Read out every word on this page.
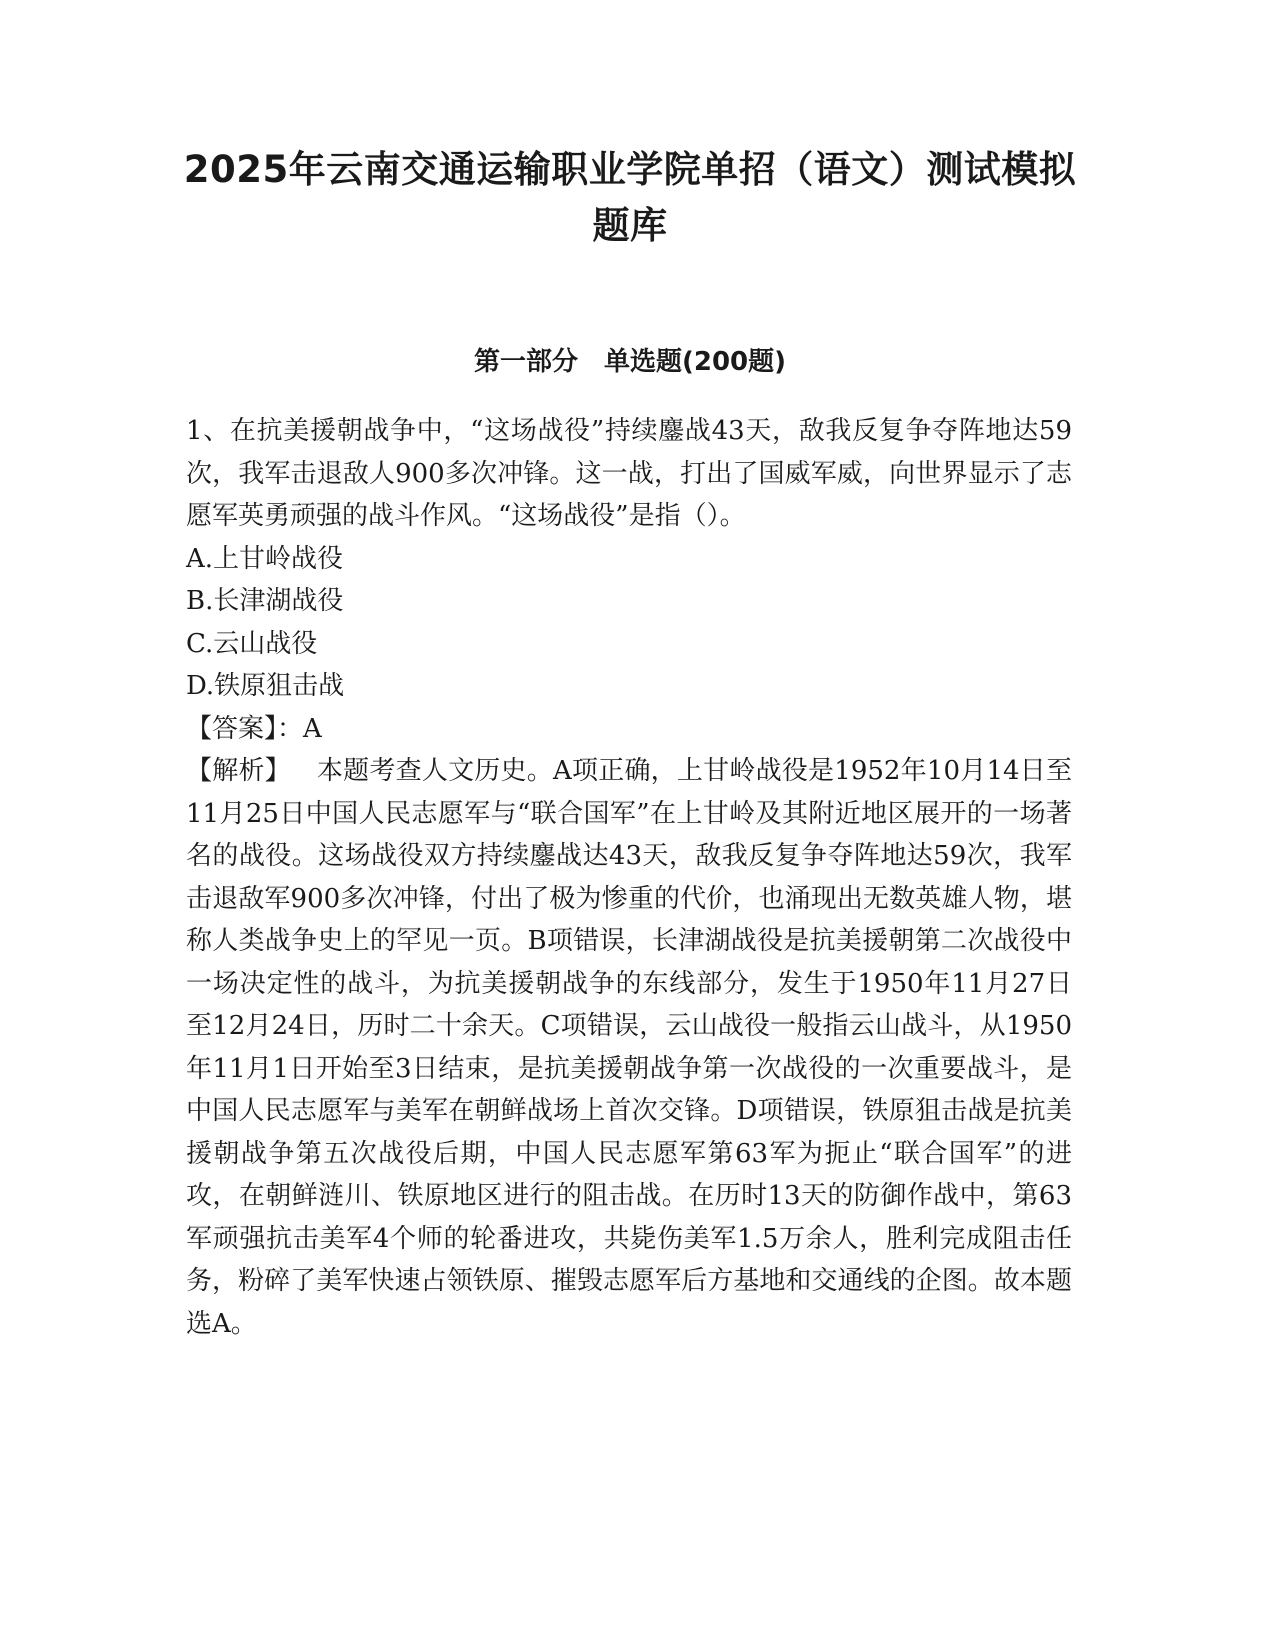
2025年云南交通运输职业学院单招（语文）测试模拟题库
第一部分　单选题(200题)

1、在抗美援朝战争中，“这场战役”持续鏖战43天，敌我反复争夺阵地达59次，我军击退敌人900多次冲锋。这一战，打出了国威军威，向世界显示了志愿军英勇顽强的战斗作风。“这场战役”是指（）。

A.上甘岭战役
B.长津湖战役
C.云山战役
D.铁原狙击战

【答案】：A

【解析】 本题考查人文历史。A项正确，上甘岭战役是1952年10月14日至11月25日中国人民志愿军与“联合国军”在上甘岭及其附近地区展开的一场著名的战役。这场战役双方持续鏖战达43天，敌我反复争夺阵地达59次，我军击退敌军900多次冲锋，付出了极为惨重的代价，也涌现出无数英雄人物，堪称人类战争史上的罕见一页。B项错误，长津湖战役是抗美援朝第二次战役中一场决定性的战斗，为抗美援朝战争的东线部分，发生于1950年11月27日至12月24日，历时二十余天。C项错误，云山战役一般指云山战斗，从1950年11月1日开始至3日结束，是抗美援朝战争第一次战役的一次重要战斗，是中国人民志愿军与美军在朝鲜战场上首次交锋。D项错误，铁原狙击战是抗美援朝战争第五次战役后期，中国人民志愿军第63军为扼止“联合国军”的进攻，在朝鲜涟川、铁原地区进行的阻击战。在历时13天的防御作战中，第63军顽强抗击美军4个师的轮番进攻，共毙伤美军1.5万余人，胜利完成阻击任务，粉碎了美军快速占领铁原、摧毁志愿军后方基地和交通线的企图。故本题选A。
